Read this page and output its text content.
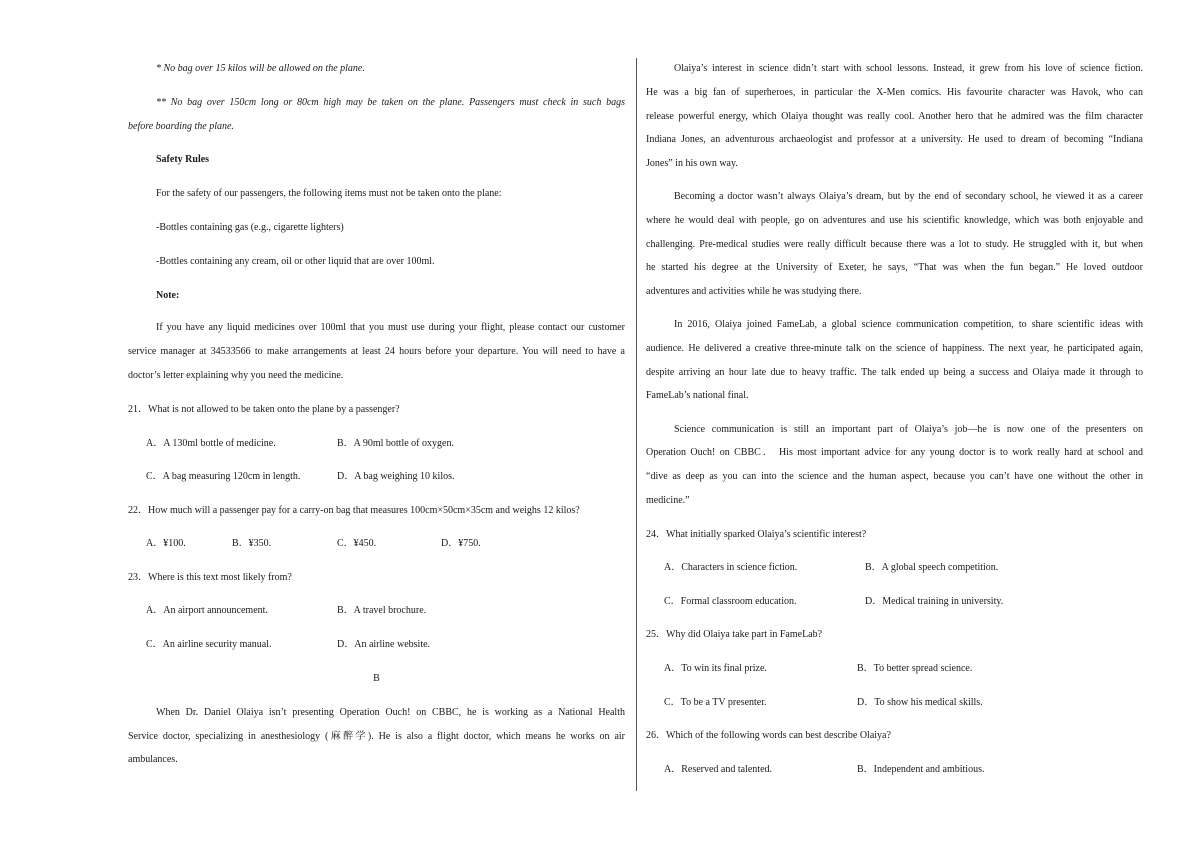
* No bag over 15 kilos will be allowed on the plane.
** No bag over 150cm long or 80cm high may be taken on the plane. Passengers must check in such bags
before boarding the plane.
Safety Rules
For the safety of our passengers, the following items must not be taken onto the plane:
-Bottles containing gas (e.g., cigarette lighters)
-Bottles containing any cream, oil or other liquid that are over 100ml.
Note:
If you have any liquid medicines over 100ml that you must use during your flight, please contact our customer
service manager at 34533566 to make arrangements at least 24 hours before your departure. You will need to have a
doctor’s letter explaining why you need the medicine.
21．What is not allowed to be taken onto the plane by a passenger?
A．A 130ml bottle of medicine.	B．A 90ml bottle of oxygen.
C．A bag measuring 120cm in length.	D．A bag weighing 10 kilos.
22．How much will a passenger pay for a carry-on bag that measures 100cm×50cm×35cm and weighs 12 kilos?
A．¥100.	B．¥350.	C．¥450.	D．¥750.
23．Where is this text most likely from?
A．An airport announcement.	B．A travel brochure.
C．An airline security manual.	D．An airline website.
B
When Dr. Daniel Olaiya isn’t presenting Operation Ouch! on CBBC, he is working as a National Health
Service doctor, specializing in anesthesiology (麻醉学). He is also a flight doctor, which means he works on air
ambulances.
Olaiya’s interest in science didn’t start with school lessons. Instead, it grew from his love of science fiction.
He was a big fan of superheroes, in particular the X-Men comics. His favourite character was Havok, who can
release powerful energy, which Olaiya thought was really cool. Another hero that he admired was the film character
Indiana Jones, an adventurous archaeologist and professor at a university. He used to dream of becoming “Indiana
Jones” in his own way.
Becoming a doctor wasn’t always Olaiya’s dream, but by the end of secondary school, he viewed it as a career
where he would deal with people, go on adventures and use his scientific knowledge, which was both enjoyable and
challenging. Pre-medical studies were really difficult because there was a lot to study. He struggled with it, but when
he started his degree at the University of Exeter, he says, “That was when the fun began.” He loved outdoor
adventures and activities while he was studying there.
In 2016, Olaiya joined FameLab, a global science communication competition, to share scientific ideas with
audience. He delivered a creative three-minute talk on the science of happiness. The next year, he participated again,
despite arriving an hour late due to heavy traffic. The talk ended up being a success and Olaiya made it through to
FameLab’s national final.
Science communication is still an important part of Olaiya’s job—he is now one of the presenters on
Operation Ouch! on CBBC． His most important advice for any young doctor is to work really hard at school and
“dive as deep as you can into the science and the human aspect, because you can’t have one without the other in
medicine.”
24．What initially sparked Olaiya’s scientific interest?
A．Characters in science fiction.	B．A global speech competition.
C．Formal classroom education.	D．Medical training in university.
25．Why did Olaiya take part in FameLab?
A．To win its final prize.	B．To better spread science.
C．To be a TV presenter.	D．To show his medical skills.
26．Which of the following words can best describe Olaiya?
A．Reserved and talented.	B．Independent and ambitious.
